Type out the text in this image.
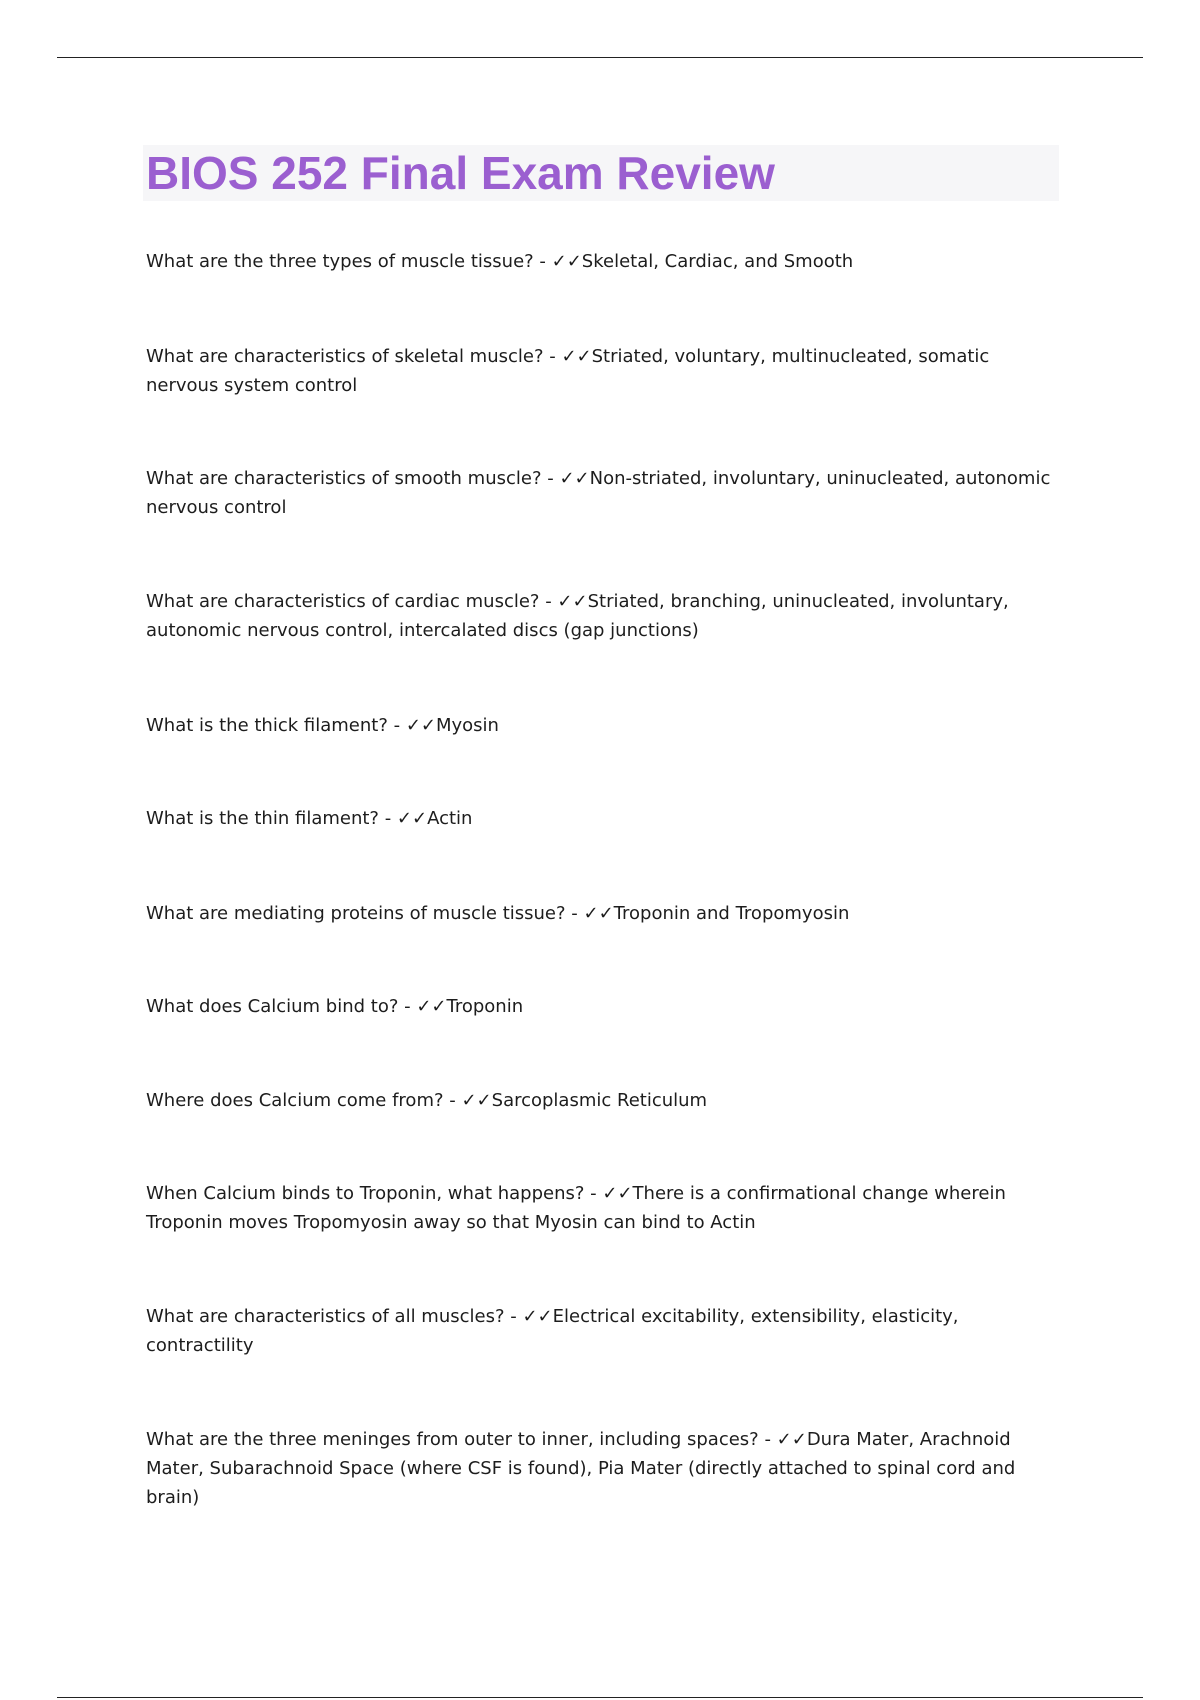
BIOS 252 Final Exam Review

What are the three types of muscle tissue? - ✓✓Skeletal, Cardiac, and Smooth

What are characteristics of skeletal muscle? - ✓✓Striated, voluntary, multinucleated, somatic nervous system control

What are characteristics of smooth muscle? - ✓✓Non-striated, involuntary, uninucleated, autonomic nervous control

What are characteristics of cardiac muscle? - ✓✓Striated, branching, uninucleated, involuntary, autonomic nervous control, intercalated discs (gap junctions)

What is the thick filament? - ✓✓Myosin

What is the thin filament? - ✓✓Actin

What are mediating proteins of muscle tissue? - ✓✓Troponin and Tropomyosin

What does Calcium bind to? - ✓✓Troponin

Where does Calcium come from? - ✓✓Sarcoplasmic Reticulum

When Calcium binds to Troponin, what happens? - ✓✓There is a confirmational change wherein Troponin moves Tropomyosin away so that Myosin can bind to Actin

What are characteristics of all muscles? - ✓✓Electrical excitability, extensibility, elasticity, contractility

What are the three meninges from outer to inner, including spaces? - ✓✓Dura Mater, Arachnoid Mater, Subarachnoid Space (where CSF is found), Pia Mater (directly attached to spinal cord and brain)
